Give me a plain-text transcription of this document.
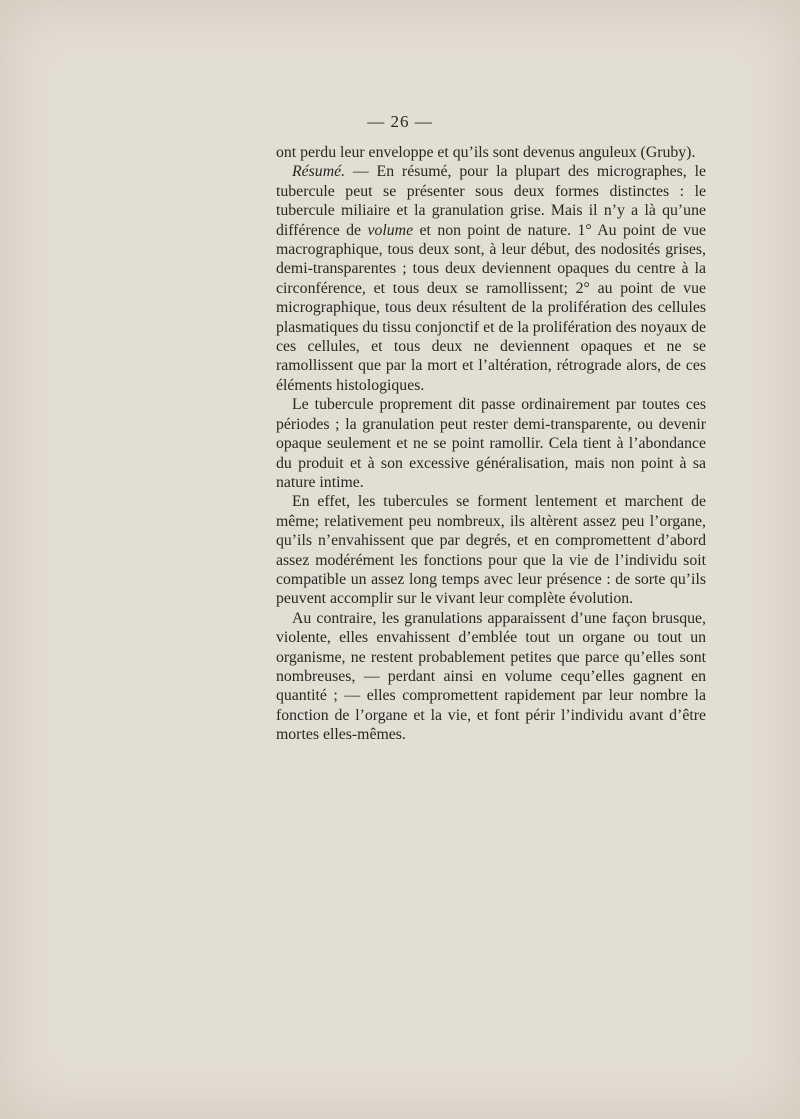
— 26 —

ont perdu leur enveloppe et qu’ils sont devenus anguleux (Gruby).

Résumé. — En résumé, pour la plupart des micrographes, le tubercule peut se présenter sous deux formes distinctes : le tubercule miliaire et la granulation grise. Mais il n’y a là qu’une différence de volume et non point de nature. 1° Au point de vue macrographique, tous deux sont, à leur début, des nodosités grises, demi-transparentes ; tous deux deviennent opaques du centre à la circonférence, et tous deux se ramollissent; 2° au point de vue micrographique, tous deux résultent de la prolifération des cellules plasmatiques du tissu conjonctif et de la prolifération des noyaux de ces cellules, et tous deux ne deviennent opaques et ne se ramollissent que par la mort et l’altération, rétrograde alors, de ces éléments histologiques.

Le tubercule proprement dit passe ordinairement par toutes ces périodes ; la granulation peut rester demi-transparente, ou devenir opaque seulement et ne se point ramollir. Cela tient à l’abondance du produit et à son excessive généralisation, mais non point à sa nature intime.

En effet, les tubercules se forment lentement et marchent de même; relativement peu nombreux, ils altèrent assez peu l’organe, qu’ils n’envahissent que par degrés, et en compromettent d’abord assez modérément les fonctions pour que la vie de l’individu soit compatible un assez long temps avec leur présence : de sorte qu’ils peuvent accomplir sur le vivant leur complète évolution.

Au contraire, les granulations apparaissent d’une façon brusque, violente, elles envahissent d’emblée tout un organe ou tout un organisme, ne restent probablement petites que parce qu’elles sont nombreuses, — perdant ainsi en volume cequ’elles gagnent en quantité ; — elles compromettent rapidement par leur nombre la fonction de l’organe et la vie, et font périr l’individu avant d’être mortes elles-mêmes.
